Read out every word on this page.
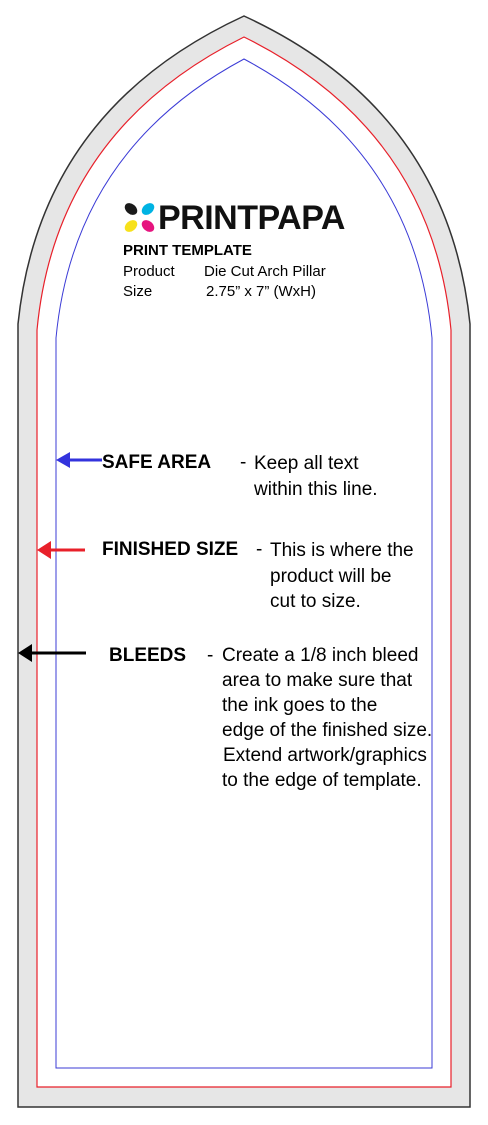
PRINTPAPA
PRINT TEMPLATE
Product Die Cut Arch Pillar
Size	2.75” x 7” (WxH)
SAFE AREA - Keep all text
within this line.
FINISHED SIZE - This is where the
product will be
cut to size.
BLEEDS - Create a 1/8 inch bleed
area to make sure that
the ink goes to the
edge of the finished size.
Extend artwork/graphics
to the edge of template.
